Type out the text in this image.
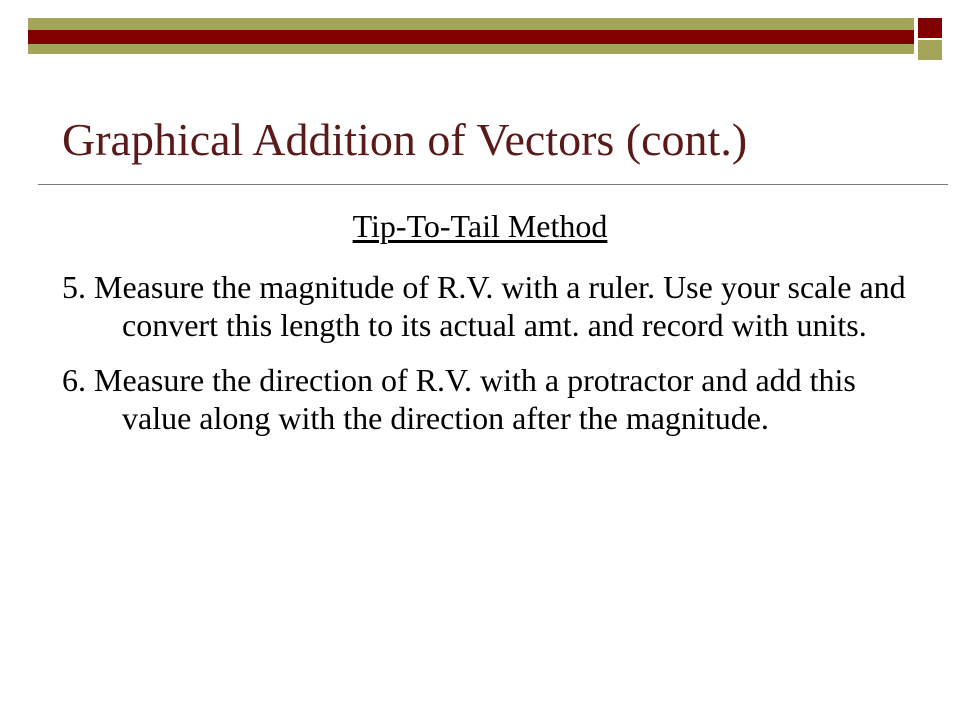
Graphical Addition of Vectors (cont.)
Tip-To-Tail Method
5. Measure the magnitude of R.V. with a ruler. Use your scale and convert this length to its actual amt. and record with units.
6. Measure the direction of R.V. with a protractor and add this value along with the direction after the magnitude.
